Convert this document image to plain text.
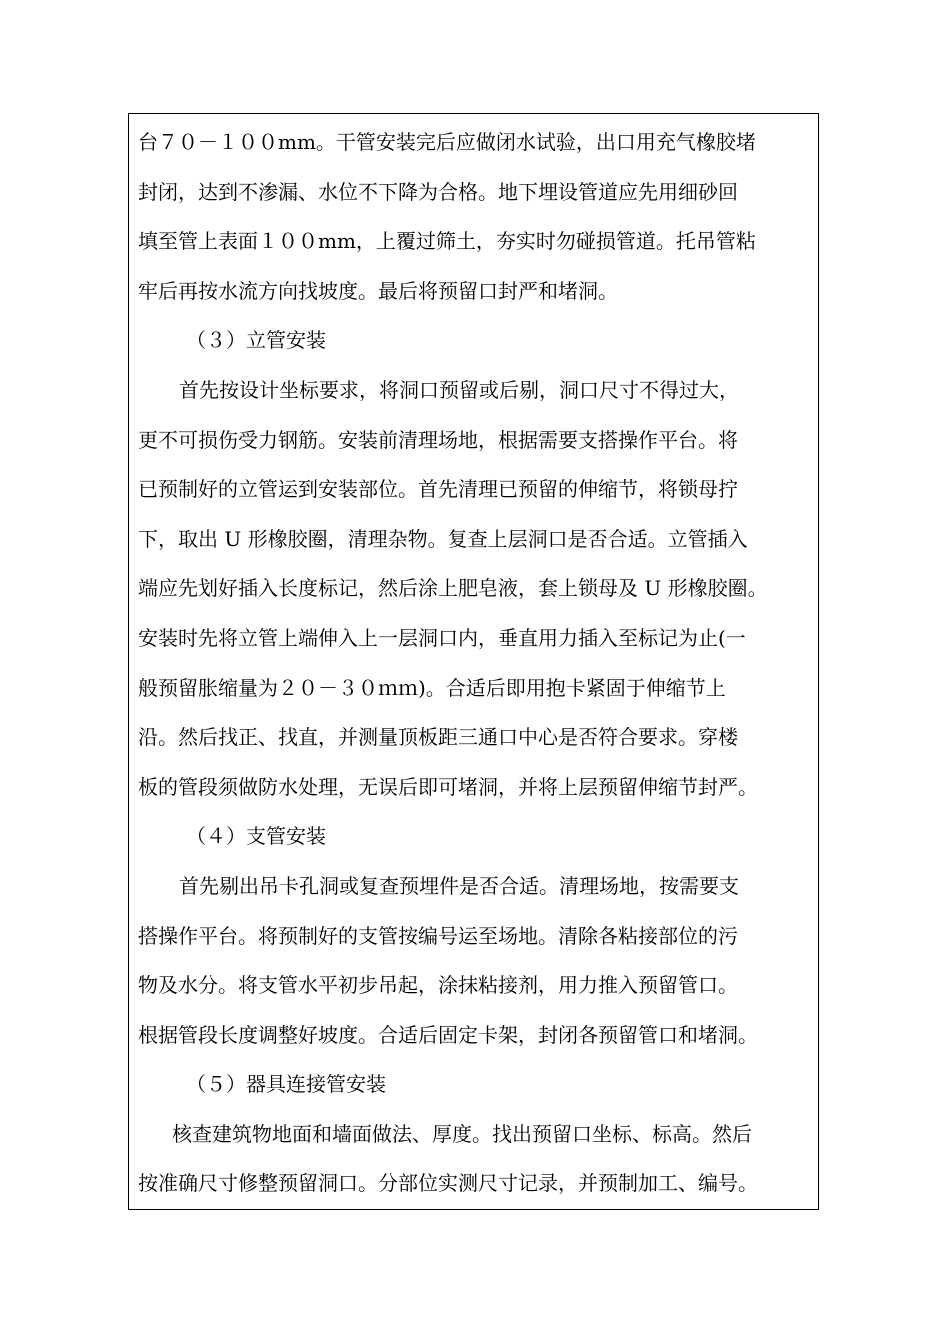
台７０－１００mm。干管安装完后应做闭水试验，出口用充气橡胶堵
封闭，达到不渗漏、水位不下降为合格。地下埋设管道应先用细砂回
填至管上表面１００mm，上覆过筛土，夯实时勿碰损管道。托吊管粘
牢后再按水流方向找坡度。最后将预留口封严和堵洞。
（３）立管安装
首先按设计坐标要求，将洞口预留或后剔，洞口尺寸不得过大，
更不可损伤受力钢筋。安装前清理场地，根据需要支搭操作平台。将
已预制好的立管运到安装部位。首先清理已预留的伸缩节，将锁母拧
下，取出 U 形橡胶圈，清理杂物。复查上层洞口是否合适。立管插入
端应先划好插入长度标记，然后涂上肥皂液，套上锁母及 U 形橡胶圈。
安装时先将立管上端伸入上一层洞口内，垂直用力插入至标记为止(一
般预留胀缩量为２０－３０ｍｍ)。合适后即用抱卡紧固于伸缩节上
沿。然后找正、找直，并测量顶板距三通口中心是否符合要求。穿楼
板的管段须做防水处理，无误后即可堵洞，并将上层预留伸缩节封严。
（４）支管安装
首先剔出吊卡孔洞或复查预埋件是否合适。清理场地，按需要支
搭操作平台。将预制好的支管按编号运至场地。清除各粘接部位的污
物及水分。将支管水平初步吊起，涂抹粘接剂，用力推入预留管口。
根据管段长度调整好坡度。合适后固定卡架，封闭各预留管口和堵洞。
（５）器具连接管安装
核查建筑物地面和墙面做法、厚度。找出预留口坐标、标高。然后
按准确尺寸修整预留洞口。分部位实测尺寸记录，并预制加工、编号。
